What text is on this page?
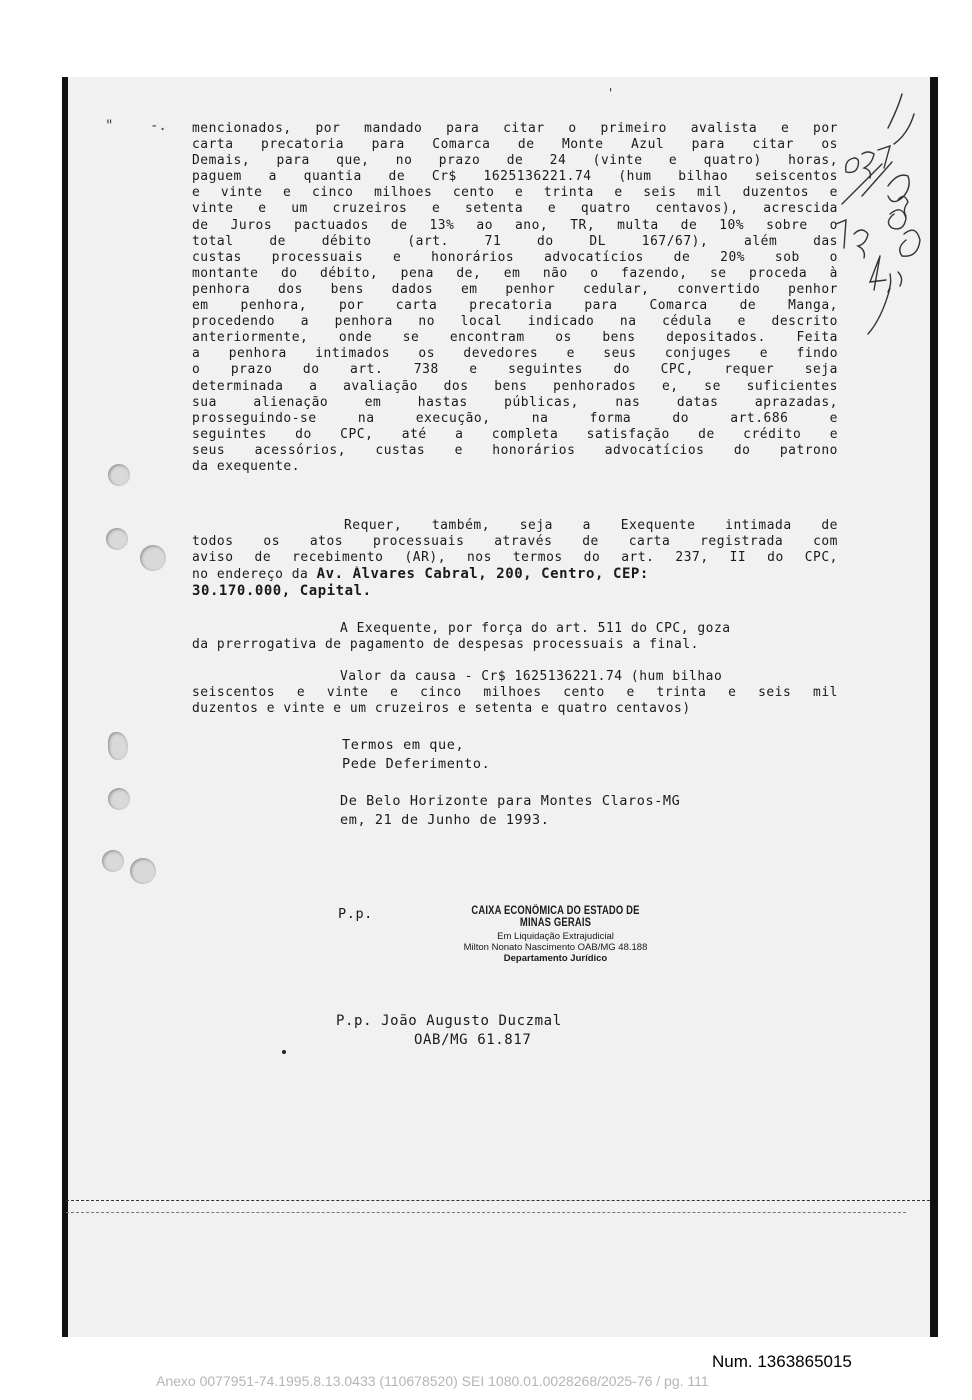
'
"	-. mencionados, por mandado para citar o primeiro avalista e por
carta precatoria para Comarca de Monte Azul para citar os
Demais, para que, no prazo de 24 (vinte e quatro) horas,
paguem a quantia de Cr$ 1625136221.74 (hum bilhao seiscentos
e vinte e cinco milhoes cento e trinta e seis mil duzentos e
vinte e um cruzeiros e setenta e quatro centavos), acrescida
de Juros pactuados de 13% ao ano, TR, multa de 10% sobre o
total de débito (art. 71 do DL 167/67), além das
custas processuais e honorários advocatícios de 20% sob o
montante do débito, pena de, em não o fazendo, se proceda à
penhora dos bens dados em penhor cedular, convertido penhor
em penhora, por carta precatoria para Comarca de Manga,
procedendo a penhora no local indicado na cédula e descrito
anteriormente, onde se encontram os bens depositados. Feita
a penhora intimados os devedores e seus conjuges e findo
o prazo do art. 738 e seguintes do CPC, requer seja
determinada a avaliação dos bens penhorados e, se suficientes
sua alienação em hastas públicas, nas datas aprazadas,
prosseguindo-se na execução, na forma do art.686 e
seguintes do CPC, até a completa satisfação de crédito e
seus acessórios, custas e honorários advocatícios do patrono
da exequente.
Requer, também, seja a Exequente intimada de
todos os atos processuais através de carta registrada com
aviso de recebimento (AR), nos termos do art. 237, II do CPC,
no endereço da Av. Álvares Cabral, 200, Centro, CEP:
30.170.000, Capital.
A Exequente, por força do art. 511 do CPC, goza
da prerrogativa de pagamento de despesas processuais a final.
Valor da causa - Cr$ 1625136221.74 (hum bilhao
seiscentos e vinte e cinco milhoes cento e trinta e seis mil
duzentos e vinte e um cruzeiros e setenta e quatro centavos)
Termos em que,
Pede Deferimento.
De Belo Horizonte para Montes Claros-MG
em, 21 de Junho de 1993.
P.p.	CAIXA ECONÔMICA DO ESTADO DE MINAS GERAIS
Em Liquidação Extrajudicial
Milton Nonato Nascimento OAB/MG 48.188
Departamento Jurídico
P.p. João Augusto Duczmal
OAB/MG 61.817
Num. 1363865015
Anexo 0077951-74.1995.8.13.0433 (110678520) SEI 1080.01.0028268/2025-76 / pg. 111
